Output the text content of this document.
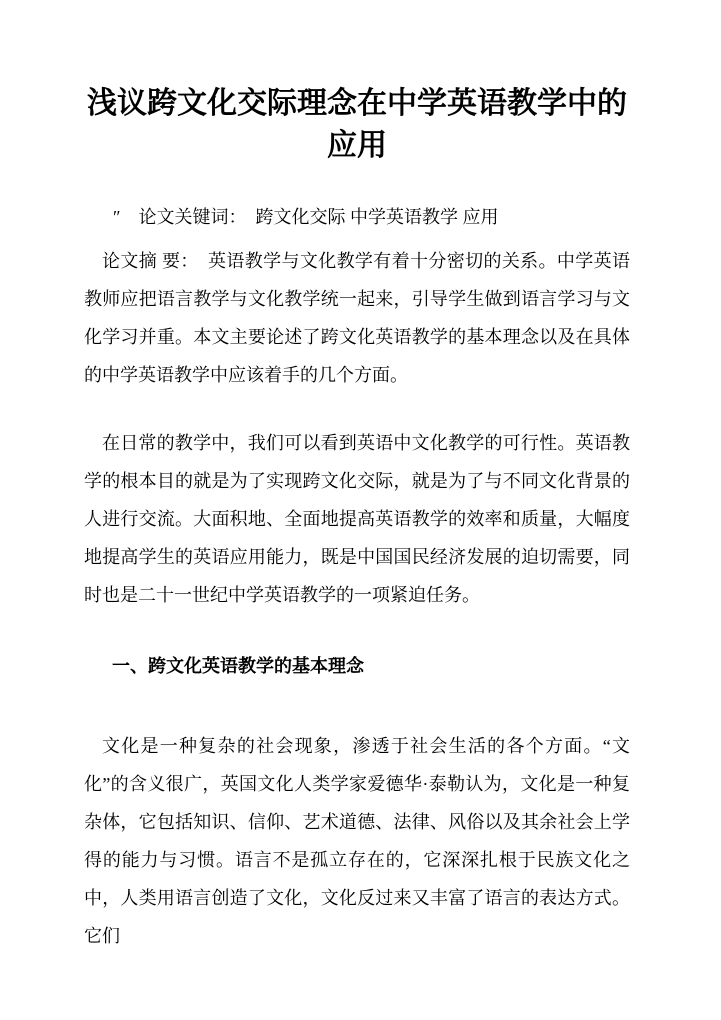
浅议跨文化交际理念在中学英语教学中的应用

″　论文关键词：　跨文化交际 中学英语教学 应用

论文摘 要：　英语教学与文化教学有着十分密切的关系。中学英语教师应把语言教学与文化教学统一起来，引导学生做到语言学习与文化学习并重。本文主要论述了跨文化英语教学的基本理念以及在具体的中学英语教学中应该着手的几个方面。

在日常的教学中，我们可以看到英语中文化教学的可行性。英语教学的根本目的就是为了实现跨文化交际，就是为了与不同文化背景的人进行交流。大面积地、全面地提高英语教学的效率和质量，大幅度地提高学生的英语应用能力，既是中国国民经济发展的迫切需要，同时也是二十一世纪中学英语教学的一项紧迫任务。

一、跨文化英语教学的基本理念

文化是一种复杂的社会现象，渗透于社会生活的各个方面。“文化”的含义很广，英国文化人类学家爱德华·泰勒认为，文化是一种复杂体，它包括知识、信仰、艺术道德、法律、风俗以及其余社会上学得的能力与习惯。语言不是孤立存在的，它深深扎根于民族文化之中，人类用语言创造了文化，文化反过来又丰富了语言的表达方式。它们
